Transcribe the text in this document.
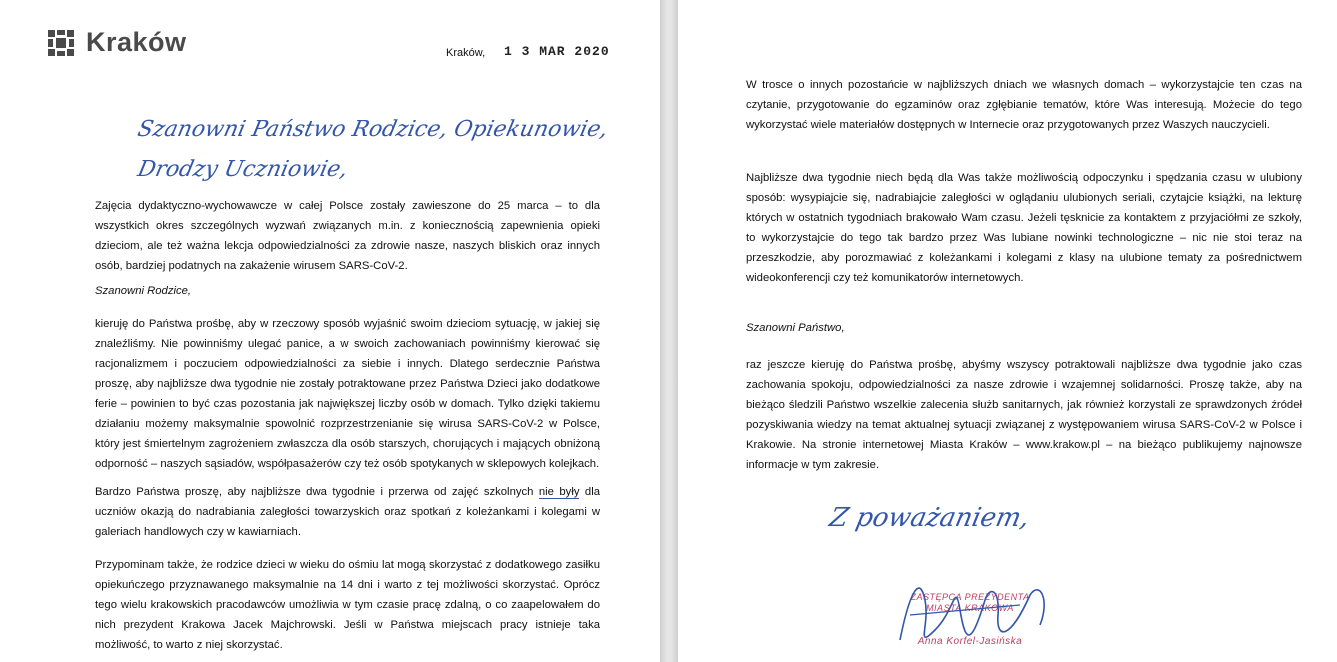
Kraków	Kraków, 1 3 MAR 2020
Szanowni Państwo Rodzice, Opiekunowie,
Drodzy Uczniowie,

Zajęcia dydaktyczno-wychowawcze w całej Polsce zostały zawieszone do 25 marca – to dla wszystkich okres szczególnych wyzwań związanych m.in. z koniecznością zapewnienia opieki dzieciom, ale też ważna lekcja odpowiedzialności za zdrowie nasze, naszych bliskich oraz innych osób, bardziej podatnych na zakażenie wirusem SARS-CoV-2.

Szanowni Rodzice,

kieruję do Państwa prośbę, aby w rzeczowy sposób wyjaśnić swoim dzieciom sytuację, w jakiej się znaleźliśmy. Nie powinniśmy ulegać panice, a w swoich zachowaniach powinniśmy kierować się racjonalizmem i poczuciem odpowiedzialności za siebie i innych. Dlatego serdecznie Państwa proszę, aby najbliższe dwa tygodnie nie zostały potraktowane przez Państwa Dzieci jako dodatkowe ferie – powinien to być czas pozostania jak największej liczby osób w domach. Tylko dzięki takiemu działaniu możemy maksymalnie spowolnić rozprzestrzenianie się wirusa SARS-CoV-2 w Polsce, który jest śmiertelnym zagrożeniem zwłaszcza dla osób starszych, chorujących i mających obniżoną odporność – naszych sąsiadów, współpasażerów czy też osób spotykanych w sklepowych kolejkach.

Bardzo Państwa proszę, aby najbliższe dwa tygodnie i przerwa od zajęć szkolnych nie były dla uczniów okazją do nadrabiania zaległości towarzyskich oraz spotkań z koleżankami i kolegami w galeriach handlowych czy w kawiarniach.

Przypominam także, że rodzice dzieci w wieku do ośmiu lat mogą skorzystać z dodatkowego zasiłku opiekuńczego przyznawanego maksymalnie na 14 dni i warto z tej możliwości skorzystać. Oprócz tego wielu krakowskich pracodawców umożliwia w tym czasie pracę zdalną, o co zaapelowałem do nich prezydent Krakowa Jacek Majchrowski. Jeśli w Państwa miejscach pracy istnieje taka możliwość, to warto z niej skorzystać.

W trosce o innych pozostańcie w najbliższych dniach we własnych domach – wykorzystajcie ten czas na czytanie, przygotowanie do egzaminów oraz zgłębianie tematów, które Was interesują. Możecie do tego wykorzystać wiele materiałów dostępnych w Internecie oraz przygotowanych przez Waszych nauczycieli.

Najbliższe dwa tygodnie niech będą dla Was także możliwością odpoczynku i spędzania czasu w ulubiony sposób: wysypiajcie się, nadrabiajcie zaległości w oglądaniu ulubionych seriali, czytajcie książki, na lekturę których w ostatnich tygodniach brakowało Wam czasu. Jeżeli tęsknicie za kontaktem z przyjaciółmi ze szkoły, to wykorzystajcie do tego tak bardzo przez Was lubiane nowinki technologiczne – nic nie stoi teraz na przeszkodzie, aby porozmawiać z koleżankami i kolegami z klasy na ulubione tematy za pośrednictwem wideokonferencji czy też komunikatorów internetowych.

Szanowni Państwo,

raz jeszcze kieruję do Państwa prośbę, abyśmy wszyscy potraktowali najbliższe dwa tygodnie jako czas zachowania spokoju, odpowiedzialności za nasze zdrowie i wzajemnej solidarności. Proszę także, aby na bieżąco śledzili Państwo wszelkie zalecenia służb sanitarnych, jak również korzystali ze sprawdzonych źródeł pozyskiwania wiedzy na temat aktualnej sytuacji związanej z występowaniem wirusa SARS-CoV-2 w Polsce i Krakowie. Na stronie internetowej Miasta Kraków – www.krakow.pl – na bieżąco publikujemy najnowsze informacje w tym zakresie.

Z poważaniem,
ZASTĘPCA PREZYDENTA
MIASTA KRAKOWA
Anna Korfel-Jasińska
